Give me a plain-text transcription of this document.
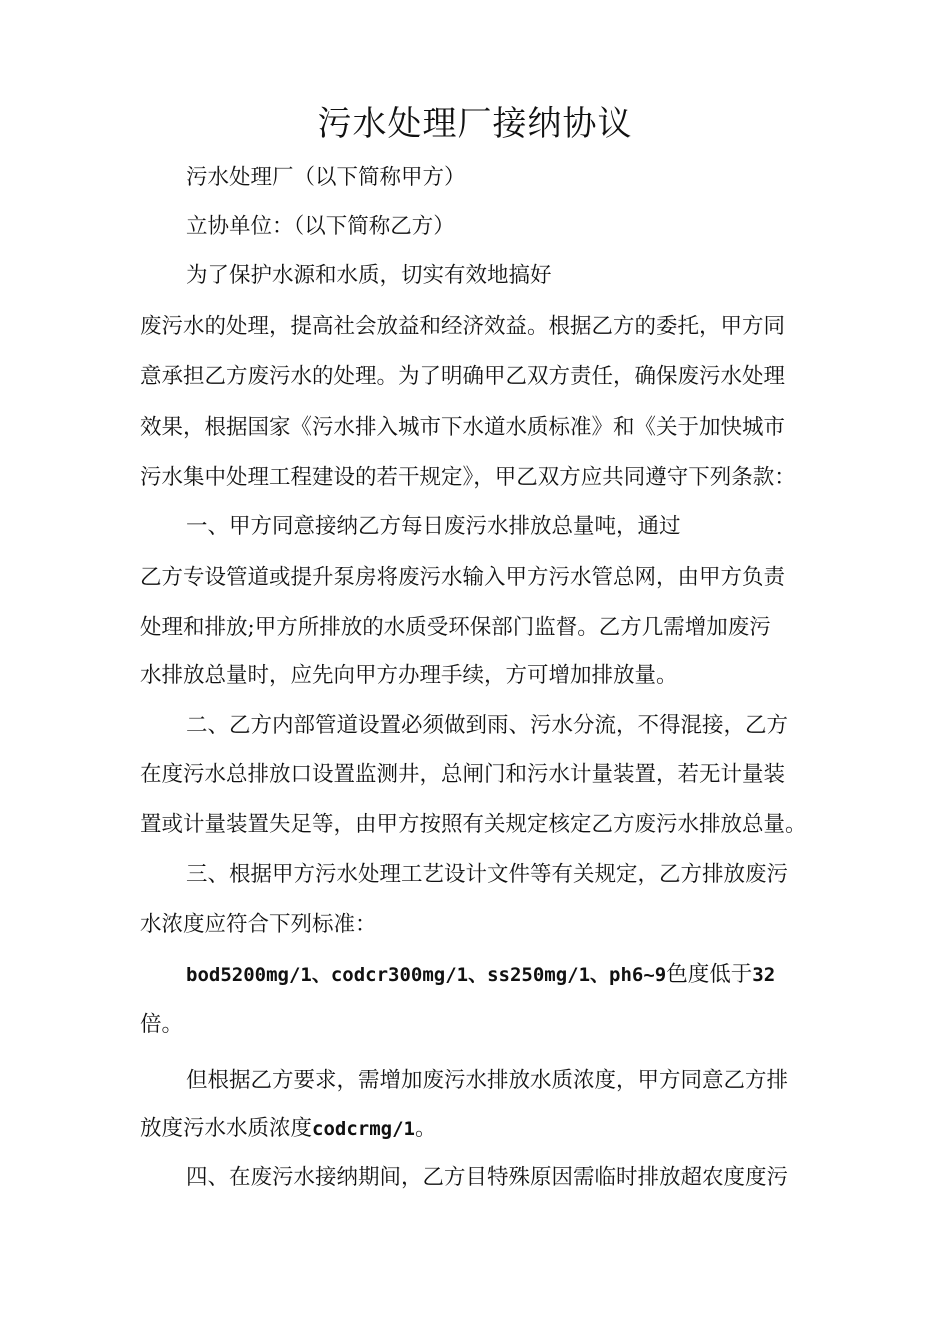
污水处理厂接纳协议
污水处理厂（以下简称甲方）
立协单位：（以下简称乙方）
为了保护水源和水质，切实有效地搞好
废污水的处理，提高社会放益和经济效益。根据乙方的委托，甲方同
意承担乙方废污水的处理。为了明确甲乙双方责任，确保废污水处理
效果，根据国家《污水排入城市下水道水质标准》和《关于加快城市
污水集中处理工程建设的若干规定》，甲乙双方应共同遵守下列条款：
一、甲方同意接纳乙方每日废污水排放总量吨，通过
乙方专设管道或提升泵房将废污水输入甲方污水管总网，由甲方负责
处理和排放;甲方所排放的水质受环保部门监督。乙方几需增加废污
水排放总量时，应先向甲方办理手续，方可增加排放量。
二、乙方内部管道设置必须做到雨、污水分流，不得混接，乙方
在度污水总排放口设置监测井，总闸门和污水计量装置，若无计量装
置或计量装置失足等，由甲方按照有关规定核定乙方废污水排放总量。
三、根据甲方污水处理工艺设计文件等有关规定，乙方排放废污
水浓度应符合下列标准：
bod5200mg/1、codcr300mg/1、ss250mg/1、ph6~9色度低于32
倍。
但根据乙方要求，需增加废污水排放水质浓度，甲方同意乙方排
放度污水水质浓度codcrmg/1。
四、在废污水接纳期间，乙方目特殊原因需临时排放超农度度污
